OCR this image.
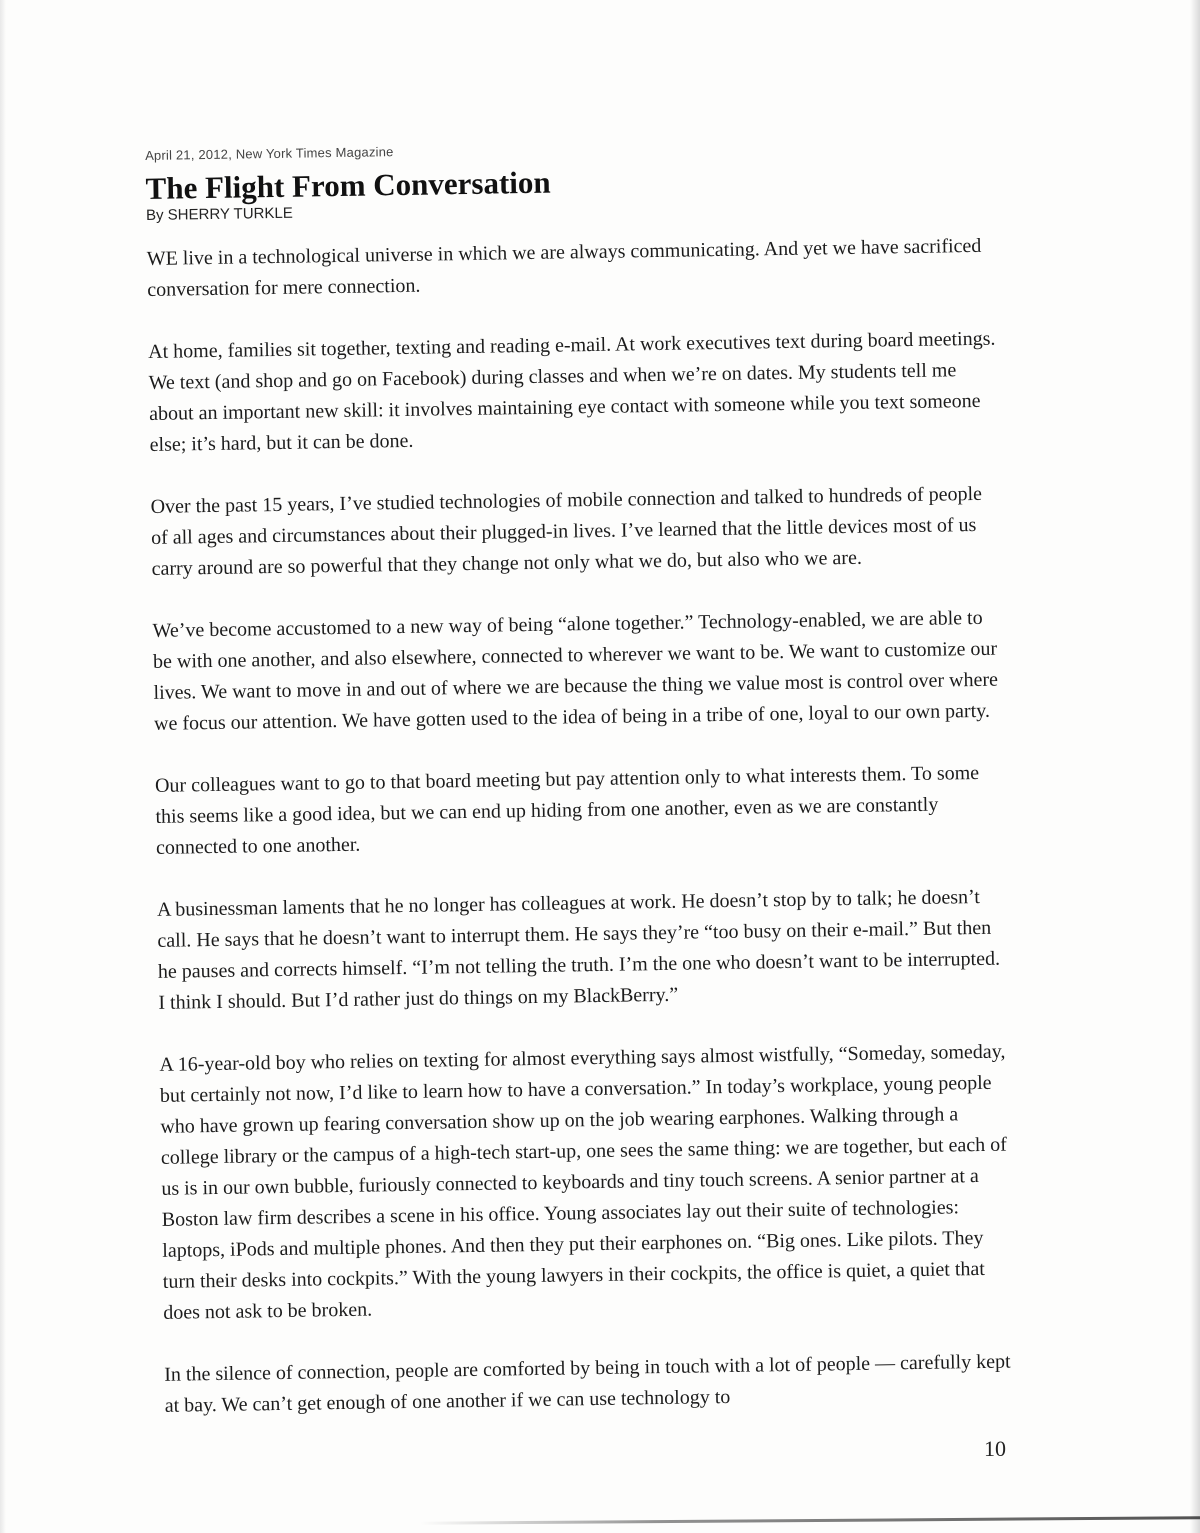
April 21, 2012, New York Times Magazine

The Flight From Conversation

By SHERRY TURKLE

WE live in a technological universe in which we are always communicating. And yet we have sacrificed conversation for mere connection.

At home, families sit together, texting and reading e-mail. At work executives text during board meetings. We text (and shop and go on Facebook) during classes and when we’re on dates. My students tell me about an important new skill: it involves maintaining eye contact with someone while you text someone else; it’s hard, but it can be done.

Over the past 15 years, I’ve studied technologies of mobile connection and talked to hundreds of people of all ages and circumstances about their plugged-in lives. I’ve learned that the little devices most of us carry around are so powerful that they change not only what we do, but also who we are.

We’ve become accustomed to a new way of being “alone together.” Technology-enabled, we are able to be with one another, and also elsewhere, connected to wherever we want to be. We want to customize our lives. We want to move in and out of where we are because the thing we value most is control over where we focus our attention. We have gotten used to the idea of being in a tribe of one, loyal to our own party.

Our colleagues want to go to that board meeting but pay attention only to what interests them. To some this seems like a good idea, but we can end up hiding from one another, even as we are constantly connected to one another.

A businessman laments that he no longer has colleagues at work. He doesn’t stop by to talk; he doesn’t call. He says that he doesn’t want to interrupt them. He says they’re “too busy on their e-mail.” But then he pauses and corrects himself. “I’m not telling the truth. I’m the one who doesn’t want to be interrupted. I think I should. But I’d rather just do things on my BlackBerry.”

A 16-year-old boy who relies on texting for almost everything says almost wistfully, “Someday, someday, but certainly not now, I’d like to learn how to have a conversation.” In today’s workplace, young people who have grown up fearing conversation show up on the job wearing earphones. Walking through a college library or the campus of a high-tech start-up, one sees the same thing: we are together, but each of us is in our own bubble, furiously connected to keyboards and tiny touch screens. A senior partner at a Boston law firm describes a scene in his office. Young associates lay out their suite of technologies: laptops, iPods and multiple phones. And then they put their earphones on. “Big ones. Like pilots. They turn their desks into cockpits.” With the young lawyers in their cockpits, the office is quiet, a quiet that does not ask to be broken.

In the silence of connection, people are comforted by being in touch with a lot of people — carefully kept at bay. We can’t get enough of one another if we can use technology to

10
